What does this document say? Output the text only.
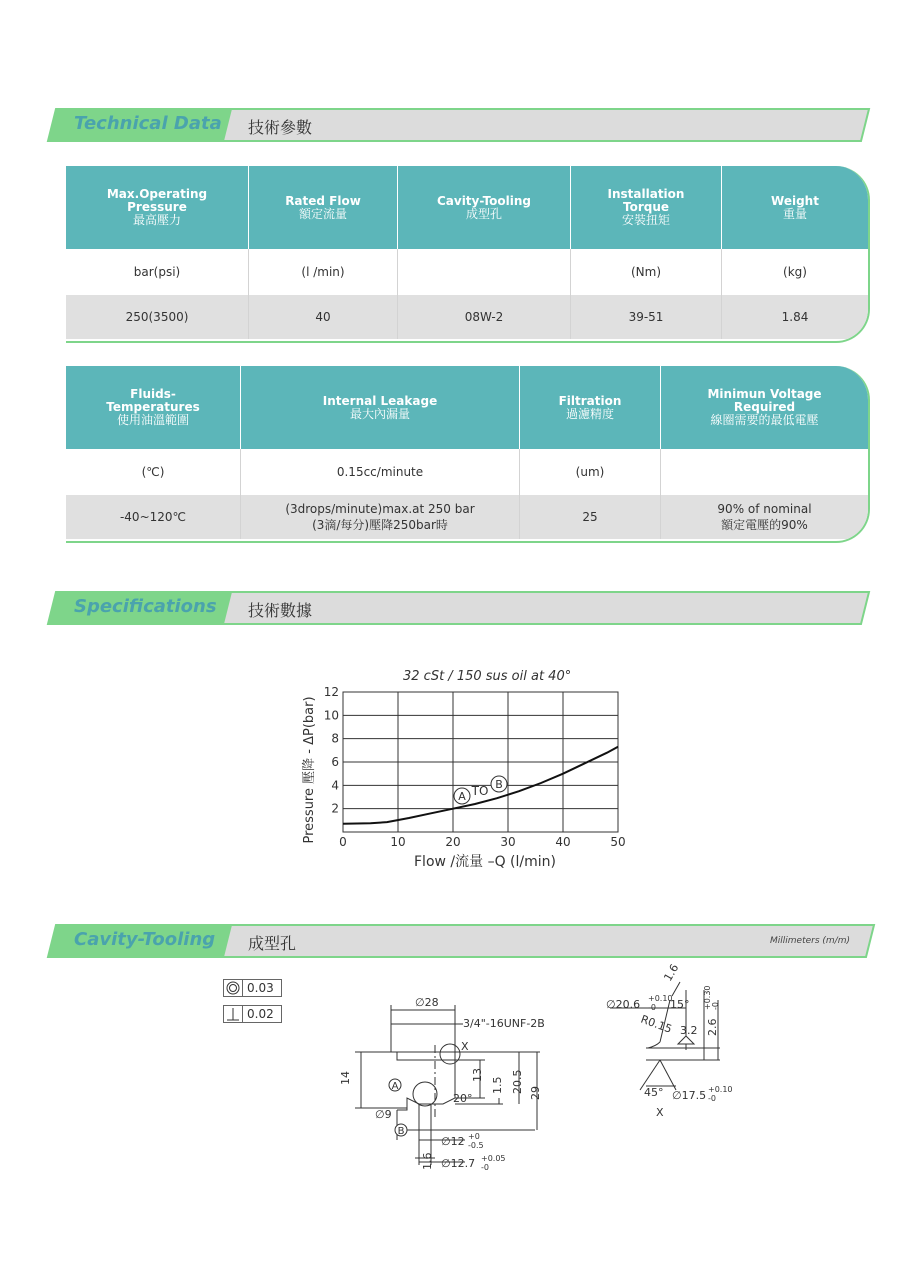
Technical Data 技術參數
Max.Operating
Pressure
最高壓力	Rated Flow
額定流量	Cavity-Tooling
成型孔	Installation
Torque
安裝扭矩	Weight
重量
bar(psi)	(l /min)		(Nm)	(kg)
250(3500)	40	08W-2	39-51	1.84
Fluids-
Temperatures
使用油溫範圍	Internal Leakage
最大內漏量	Filtration
過濾精度	Minimun Voltage
Required
線圈需要的最低電壓
(℃)	0.15cc/minute	(um)	
-40~120℃	(3drops/minute)max.at 250 bar
(3滴/每分)壓降250bar時	25	90% of nominal
額定電壓的90%
Specifications 技術數據
32 cSt / 150 sus oil at 40°
Pressure 壓降 - ΔP(bar)
Flow /流量 –Q (l/min)
0	10	20	30	40	50
2
4
6
8
10
12
A TO B
Cavity-Tooling 成型孔	Millimeters (m/m)
0.03
0.02
∅28
3/4"-16UNF-2B
X
14
A
B
∅9
20°
13
1.5 20.5 29
∅12 +0
-0.5
1.6 ∅12.7 +0.05
-0
1.6
∅20.6 +0.10
-0 15°
R0.15 3.2 2.6
+0.30 -0
45° ∅17.5 +0.10
-0
X
